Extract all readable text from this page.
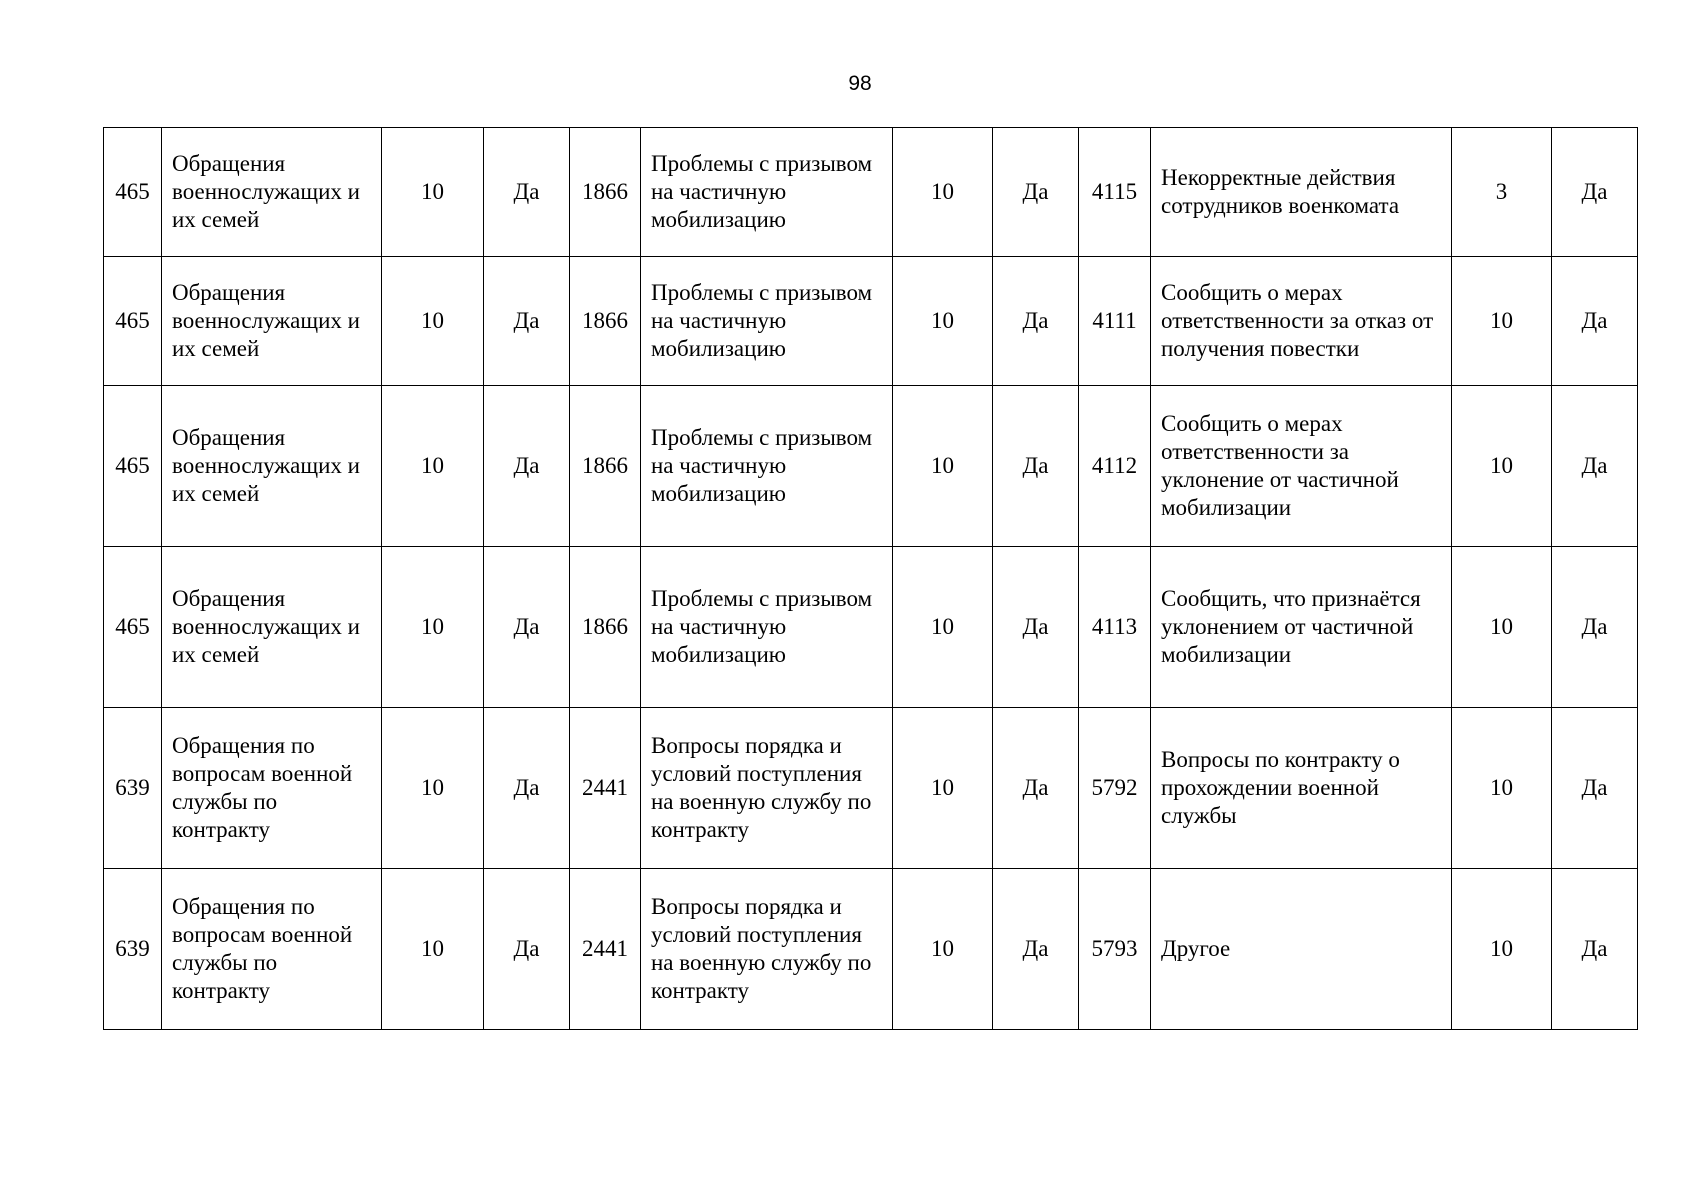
98
465	Обращения военнослужащих и их семей	10	Да	1866	Проблемы с призывом на частичную мобилизацию	10	Да	4115	Некорректные действия сотрудников военкомата	3	Да
465	Обращения военнослужащих и их семей	10	Да	1866	Проблемы с призывом на частичную мобилизацию	10	Да	4111	Сообщить о мерах ответственности за отказ от получения повестки	10	Да
465	Обращения военнослужащих и их семей	10	Да	1866	Проблемы с призывом на частичную мобилизацию	10	Да	4112	Сообщить о мерах ответственности за уклонение от частичной мобилизации	10	Да
465	Обращения военнослужащих и их семей	10	Да	1866	Проблемы с призывом на частичную мобилизацию	10	Да	4113	Сообщить, что признаётся уклонением от частичной мобилизации	10	Да
639	Обращения по вопросам военной службы по контракту	10	Да	2441	Вопросы порядка и условий поступления на военную службу по контракту	10	Да	5792	Вопросы по контракту о прохождении военной службы	10	Да
639	Обращения по вопросам военной службы по контракту	10	Да	2441	Вопросы порядка и условий поступления на военную службу по контракту	10	Да	5793	Другое	10	Да
